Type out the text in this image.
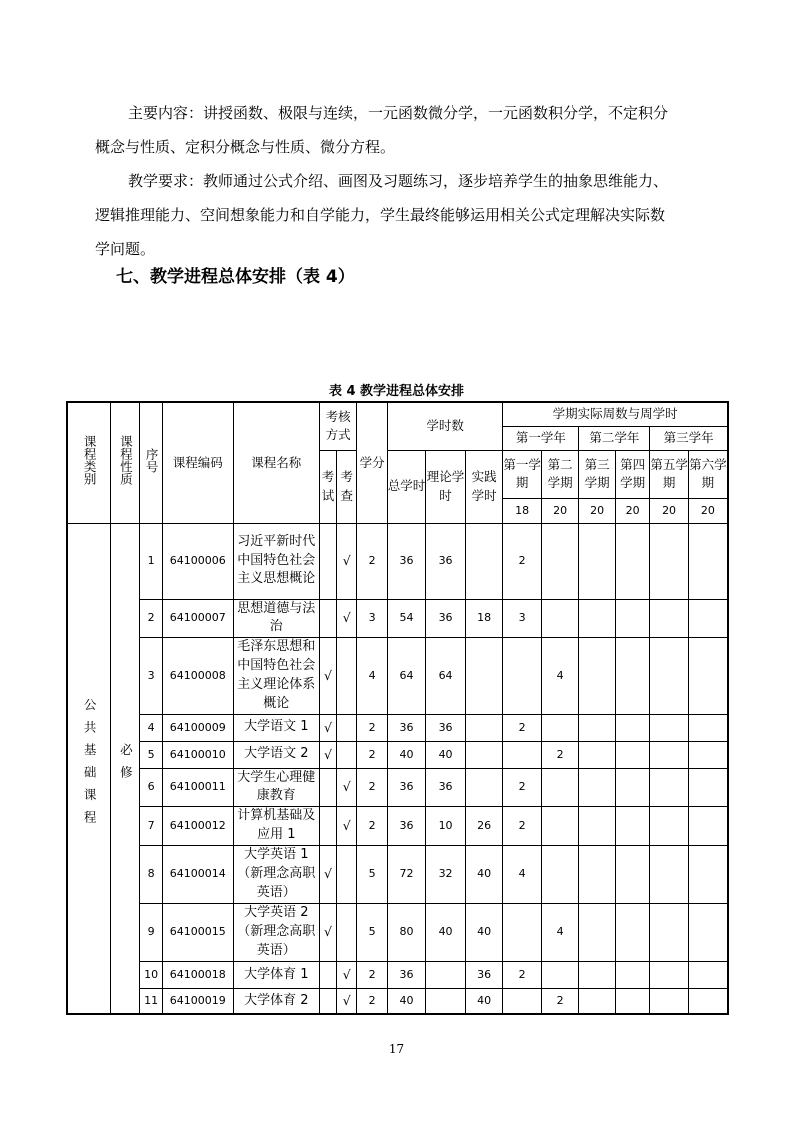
主要内容：讲授函数、极限与连续，一元函数微分学，一元函数积分学，不定积分
概念与性质、定积分概念与性质、微分方程。
教学要求：教师通过公式介绍、画图及习题练习，逐步培养学生的抽象思维能力、
逻辑推理能力、空间想象能力和自学能力，学生最终能够运用相关公式定理解决实际数
学问题。
七、教学进程总体安排（表 4）
表 4 教学进程总体安排
课程类别	课程性质	序号	课程编码	课程名称	考核方式		学分	学时数			学期实际周数与周学时					
											第一学年		第二学年		第三学年	
					考试	考查		总学时	理论学时	实践学时	第一学期	第二学期	第三学期	第四学期	第五学期	第六学期
											18	20	20	20	20	20
公共基础课程	必修	1	64100006	习近平新时代中国特色社会主义思想概论		√	2	36	36		2					
		2	64100007	思想道德与法治		√	3	54	36	18	3					
		3	64100008	毛泽东思想和中国特色社会主义理论体系概论	√		4	64	64			4				
		4	64100009	大学语文 1	√		2	36	36		2					
		5	64100010	大学语文 2	√		2	40	40			2				
		6	64100011	大学生心理健康教育		√	2	36	36		2					
		7	64100012	计算机基础及应用 1		√	2	36	10	26	2					
		8	64100014	大学英语 1（新理念高职英语）	√		5	72	32	40	4					
		9	64100015	大学英语 2（新理念高职英语）	√		5	80	40	40		4				
		10	64100018	大学体育 1		√	2	36		36	2					
		11	64100019	大学体育 2		√	2	40		40		2				
17
